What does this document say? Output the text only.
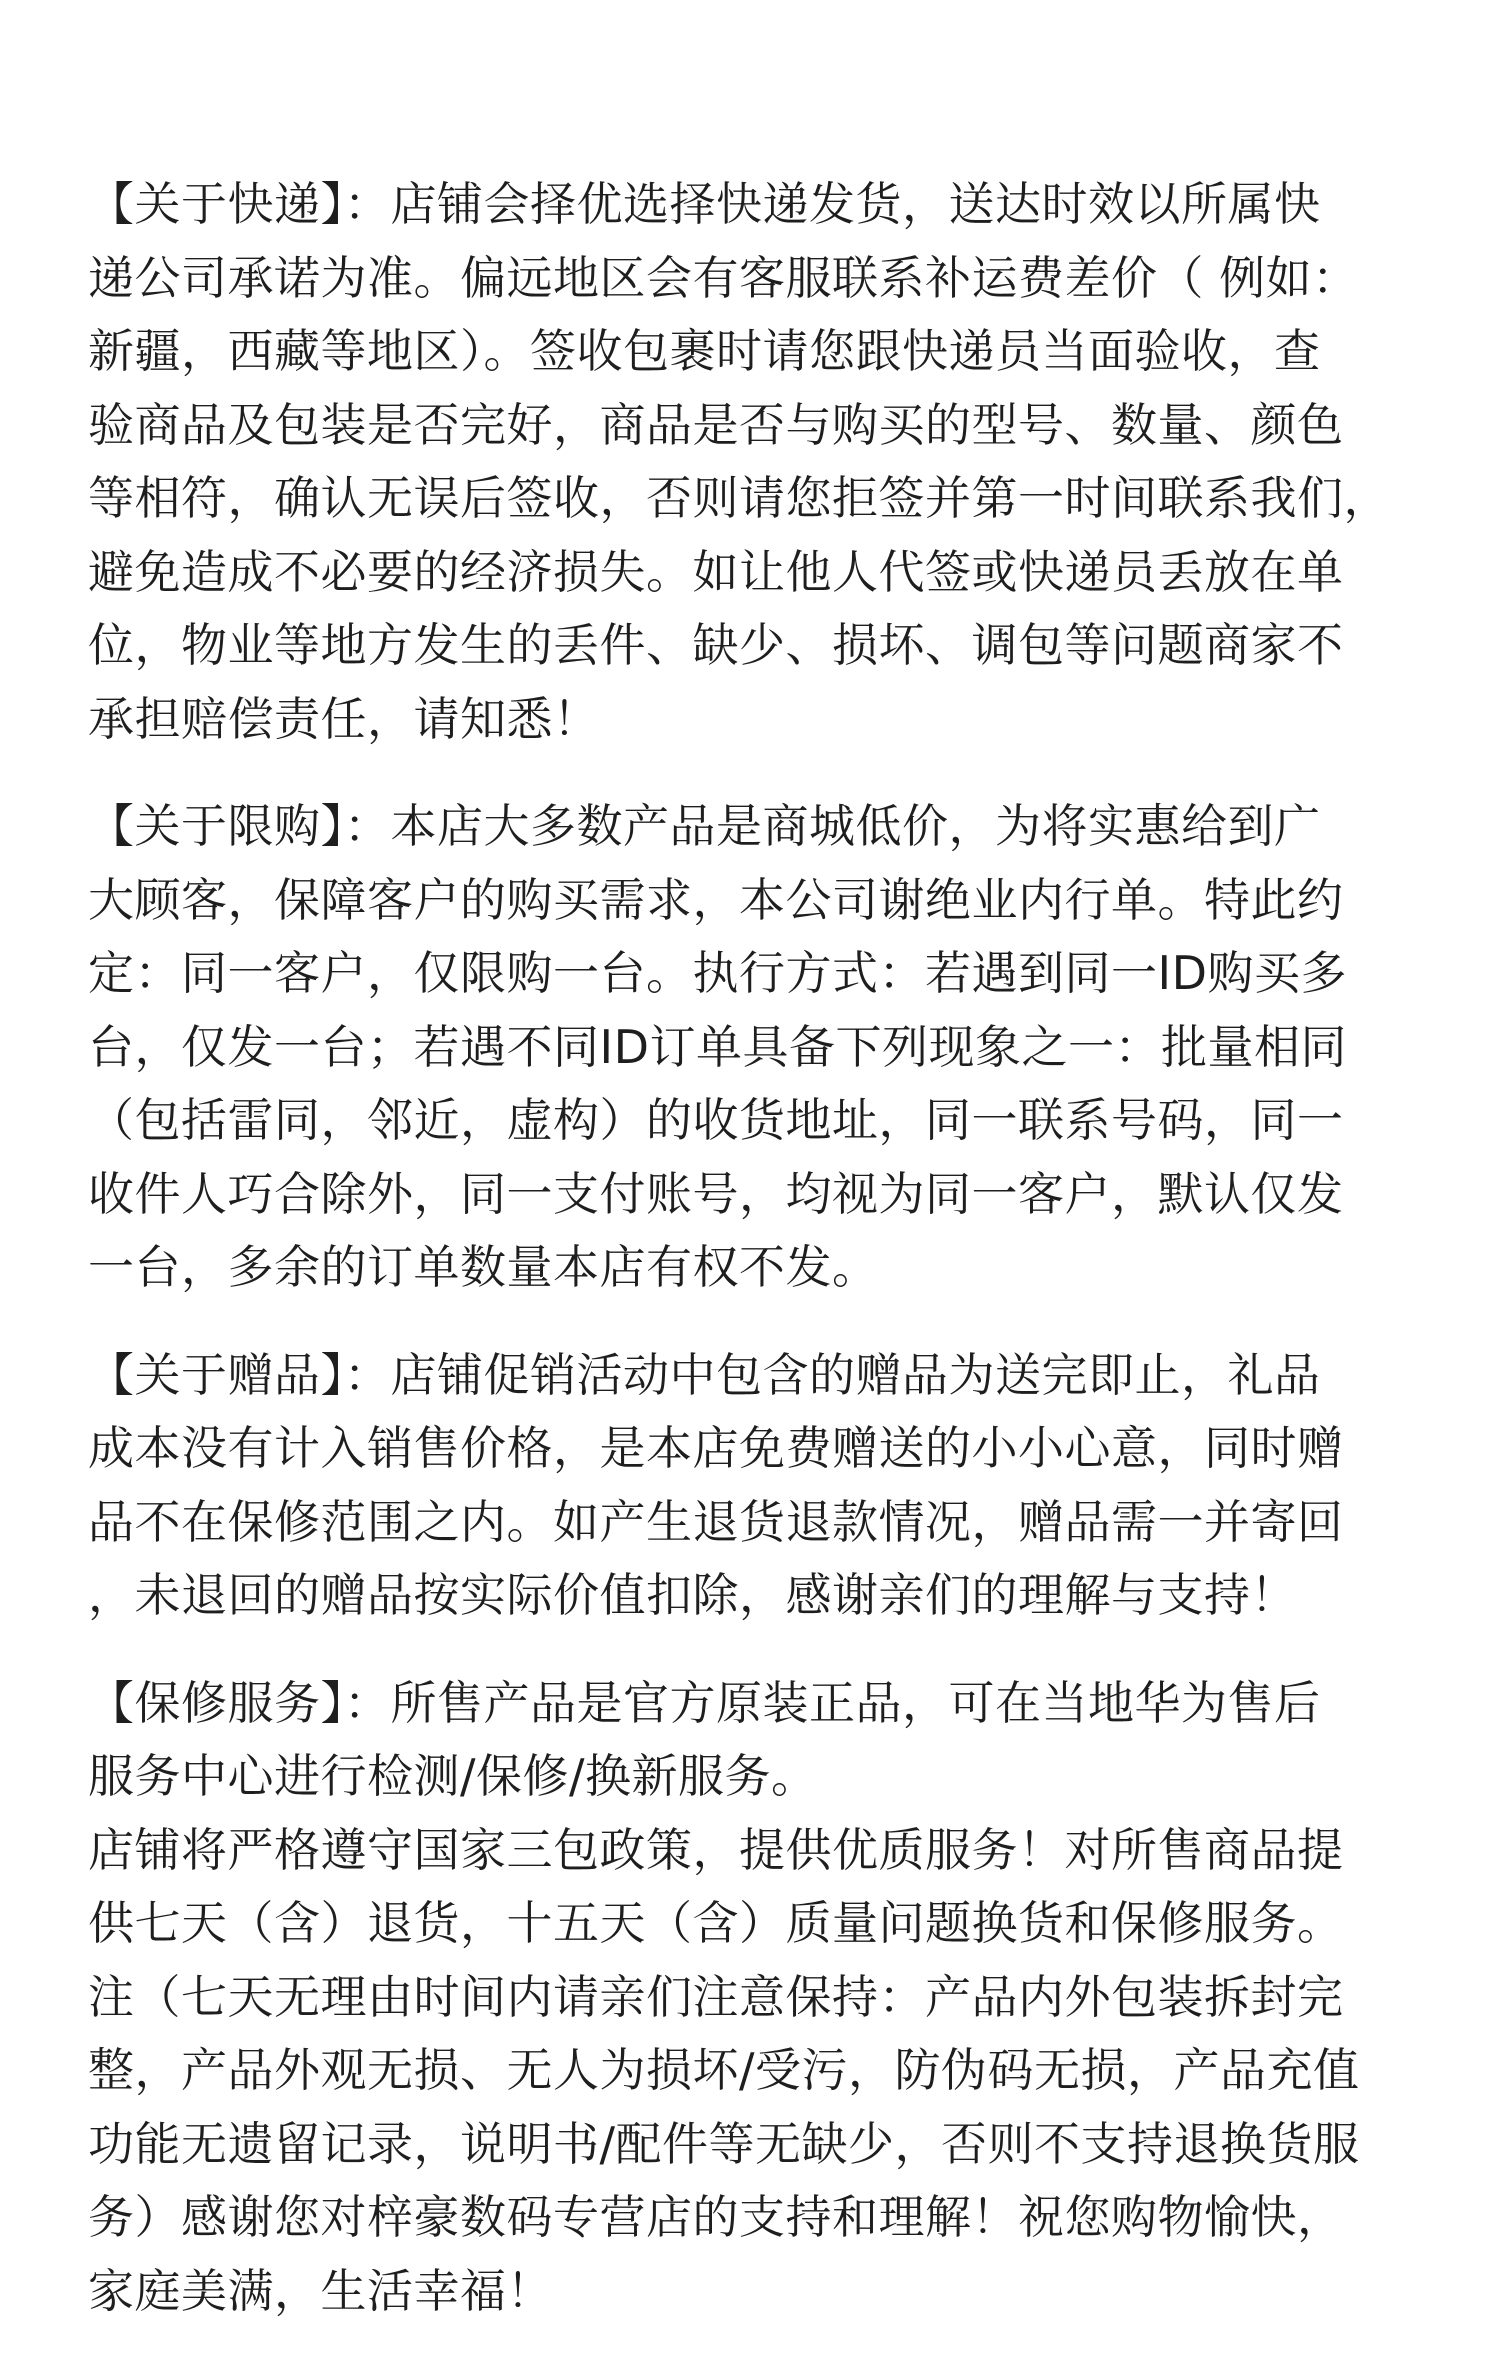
【关于快递】：店铺会择优选择快递发货，送达时效以所属快
递公司承诺为准。偏远地区会有客服联系补运费差价（ 例如：
新疆，西藏等地区）。签收包裹时请您跟快递员当面验收，查
验商品及包装是否完好，商品是否与购买的型号、数量、颜色
等相符，确认无误后签收，否则请您拒签并第一时间联系我们，
避免造成不必要的经济损失。如让他人代签或快递员丢放在单
位，物业等地方发生的丢件、缺少、损坏、调包等问题商家不
承担赔偿责任，请知悉！
【关于限购】：本店大多数产品是商城低价，为将实惠给到广
大顾客，保障客户的购买需求，本公司谢绝业内行单。特此约
定：同一客户，仅限购一台。执行方式：若遇到同一ID购买多
台，仅发一台；若遇不同ID订单具备下列现象之一：批量相同
（包括雷同，邻近，虚构）的收货地址，同一联系号码，同一
收件人巧合除外，同一支付账号，均视为同一客户，默认仅发
一台，多余的订单数量本店有权不发。
【关于赠品】：店铺促销活动中包含的赠品为送完即止，礼品
成本没有计入销售价格，是本店免费赠送的小小心意，同时赠
品不在保修范围之内。如产生退货退款情况，赠品需一并寄回
，未退回的赠品按实际价值扣除，感谢亲们的理解与支持！
【保修服务】：所售产品是官方原装正品，可在当地华为售后
服务中心进行检测/保修/换新服务。
店铺将严格遵守国家三包政策，提供优质服务！对所售商品提
供七天（含）退货，十五天（含）质量问题换货和保修服务。
注（七天无理由时间内请亲们注意保持：产品内外包装拆封完
整，产品外观无损、无人为损坏/受污，防伪码无损，产品充值
功能无遗留记录，说明书/配件等无缺少，否则不支持退换货服
务）感谢您对梓豪数码专营店的支持和理解！祝您购物愉快，
家庭美满，生活幸福！
